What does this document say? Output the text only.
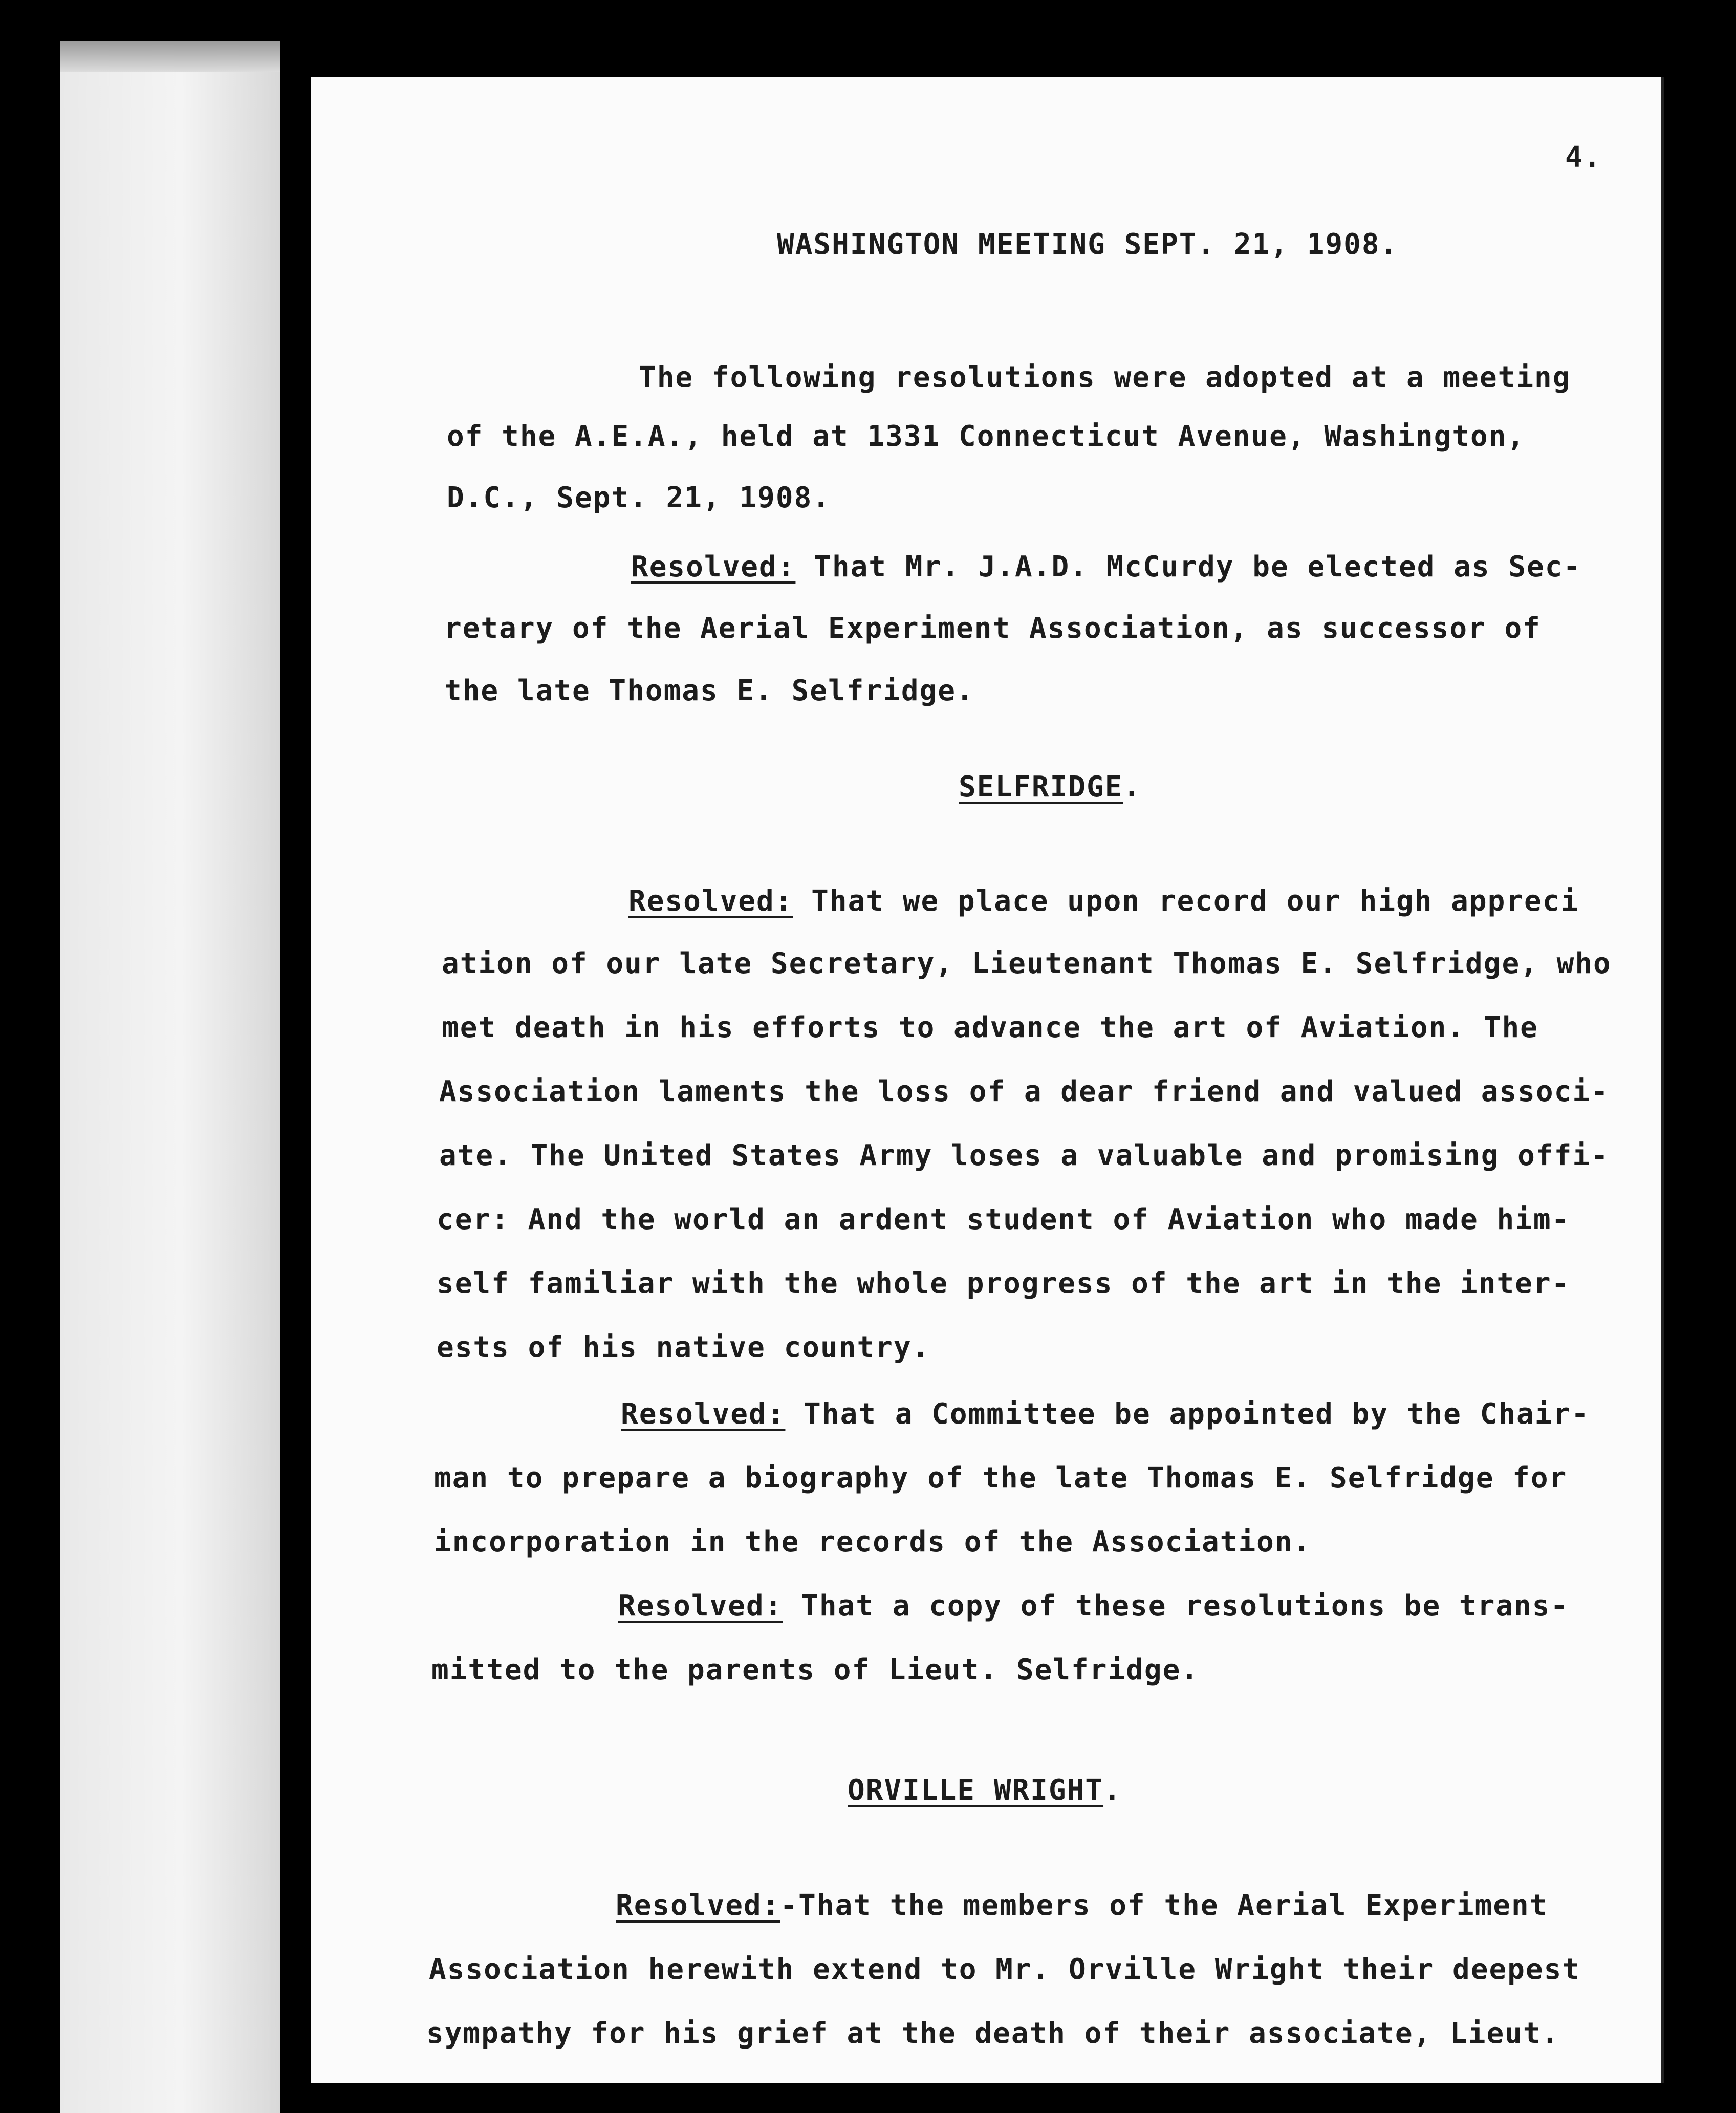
4.
WASHINGTON MEETING SEPT. 21, 1908.
The following resolutions were adopted at a meeting
of the A.E.A., held at 1331 Connecticut Avenue, Washington,
D.C., Sept. 21, 1908.
Resolved: That Mr. J.A.D. McCurdy be elected as Sec-
retary of the Aerial Experiment Association, as successor of
the late Thomas E. Selfridge.
SELFRIDGE.
Resolved: That we place upon record our high appreci
ation of our late Secretary, Lieutenant Thomas E. Selfridge, who
met death in his efforts to advance the art of Aviation. The
Association laments the loss of a dear friend and valued associ-
ate. The United States Army loses a valuable and promising offi-
cer: And the world an ardent student of Aviation who made him-
self familiar with the whole progress of the art in the inter-
ests of his native country.
Resolved: That a Committee be appointed by the Chair-
man to prepare a biography of the late Thomas E. Selfridge for
incorporation in the records of the Association.
Resolved: That a copy of these resolutions be trans-
mitted to the parents of Lieut. Selfridge.
ORVILLE WRIGHT.
Resolved:-That the members of the Aerial Experiment
Association herewith extend to Mr. Orville Wright their deepest
sympathy for his grief at the death of their associate, Lieut.
